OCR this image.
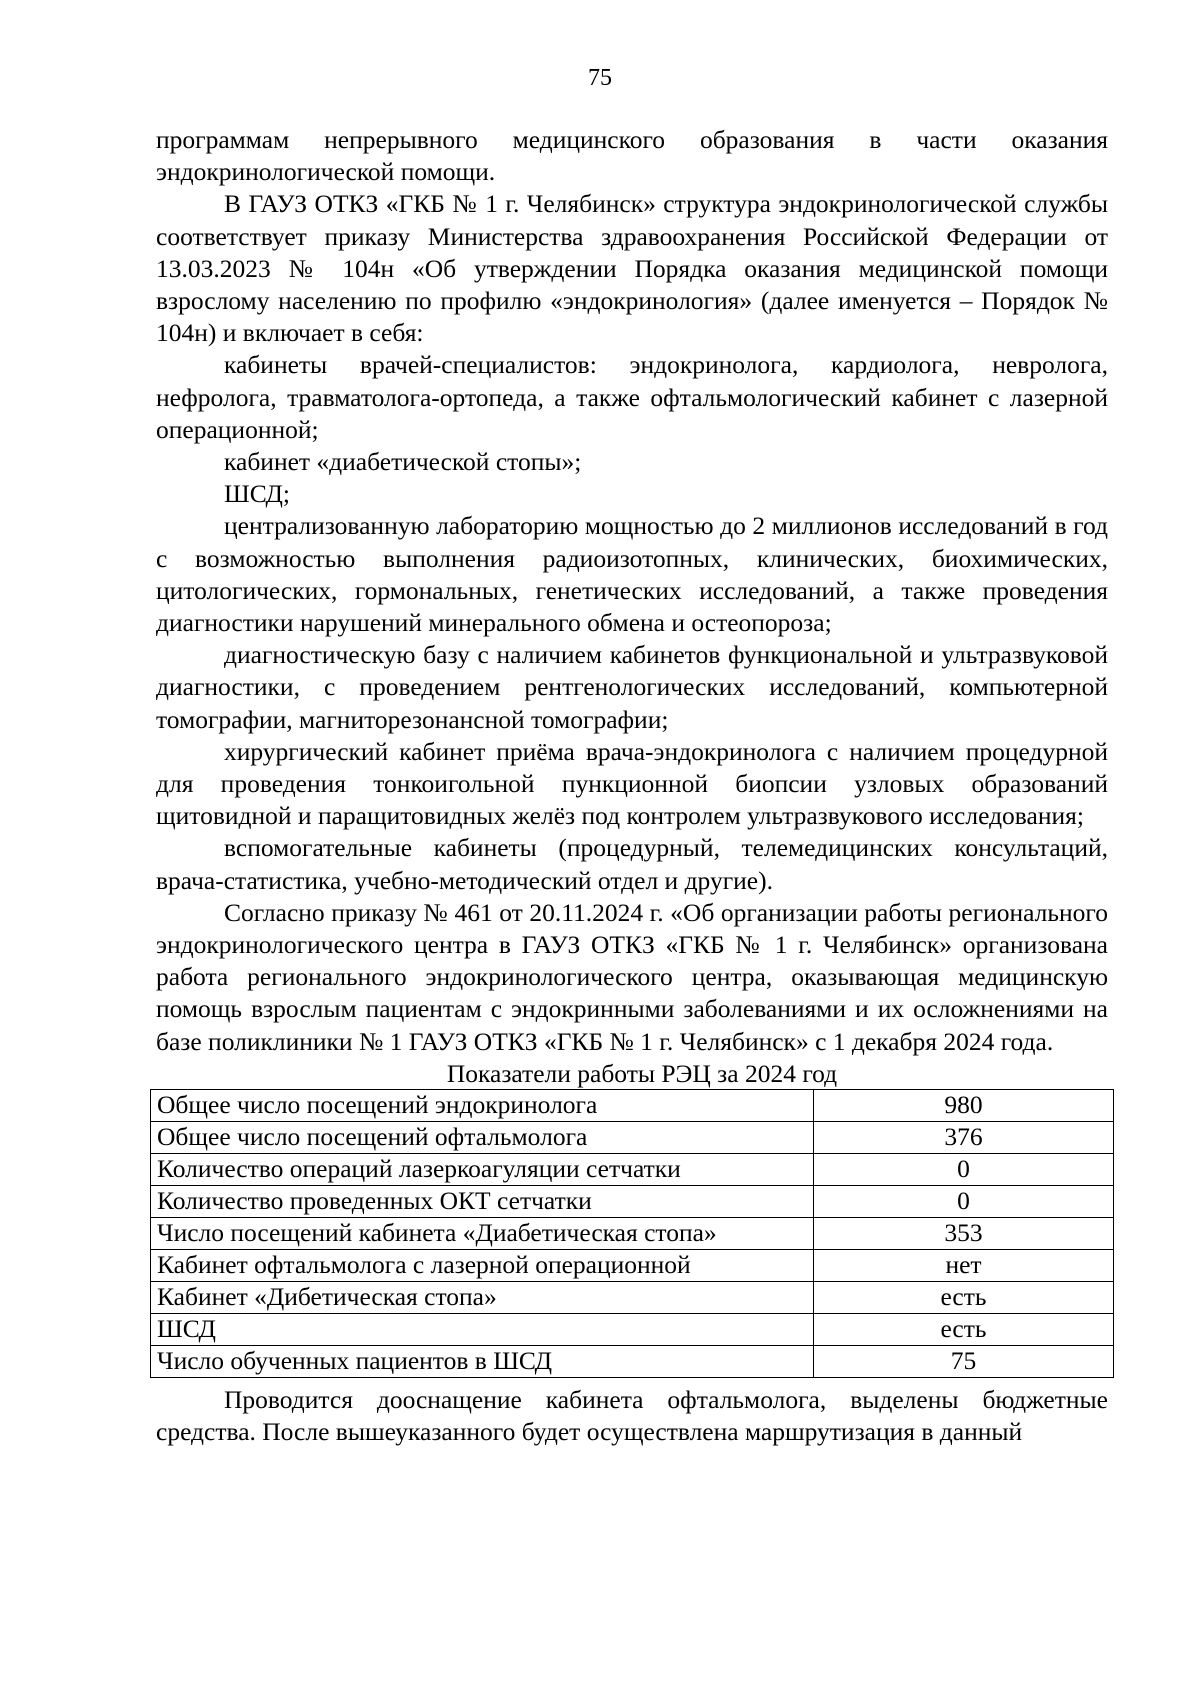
75

программам непрерывного медицинского образования в части оказания эндокринологической помощи.

В ГАУЗ ОТКЗ «ГКБ № 1 г. Челябинск» структура эндокринологической службы соответствует приказу Министерства здравоохранения Российской Федерации от 13.03.2023 № 104н «Об утверждении Порядка оказания медицинской помощи взрослому населению по профилю «эндокринология» (далее именуется – Порядок № 104н) и включает в себя:

кабинеты врачей-специалистов: эндокринолога, кардиолога, невролога, нефролога, травматолога-ортопеда, а также офтальмологический кабинет с лазерной операционной;

кабинет «диабетической стопы»;

ШСД;

централизованную лабораторию мощностью до 2 миллионов исследований в год с возможностью выполнения радиоизотопных, клинических, биохимических, цитологических, гормональных, генетических исследований, а также проведения диагностики нарушений минерального обмена и остеопороза;

диагностическую базу с наличием кабинетов функциональной и ультразвуковой диагностики, с проведением рентгенологических исследований, компьютерной томографии, магниторезонансной томографии;

хирургический кабинет приёма врача-эндокринолога с наличием процедурной для проведения тонкоигольной пункционной биопсии узловых образований щитовидной и паращитовидных желёз под контролем ультразвукового исследования;

вспомогательные кабинеты (процедурный, телемедицинских консультаций, врача-статистика, учебно-методический отдел и другие).

Согласно приказу № 461 от 20.11.2024 г. «Об организации работы регионального эндокринологического центра в ГАУЗ ОТКЗ «ГКБ № 1 г. Челябинск» организована работа регионального эндокринологического центра, оказывающая медицинскую помощь взрослым пациентам с эндокринными заболеваниями и их осложнениями на базе поликлиники № 1 ГАУЗ ОТКЗ «ГКБ № 1 г. Челябинск» с 1 декабря 2024 года.

Показатели работы РЭЦ за 2024 год

Общее число посещений эндокринолога	980
Общее число посещений офтальмолога	376
Количество операций лазеркоагуляции сетчатки	0
Количество проведенных ОКТ сетчатки	0
Число посещений кабинета «Диабетическая стопа»	353
Кабинет офтальмолога с лазерной операционной	нет
Кабинет «Дибетическая стопа»	есть
ШСД	есть
Число обученных пациентов в ШСД	75

Проводится дооснащение кабинета офтальмолога, выделены бюджетные средства. После вышеуказанного будет осуществлена маршрутизация в данный
